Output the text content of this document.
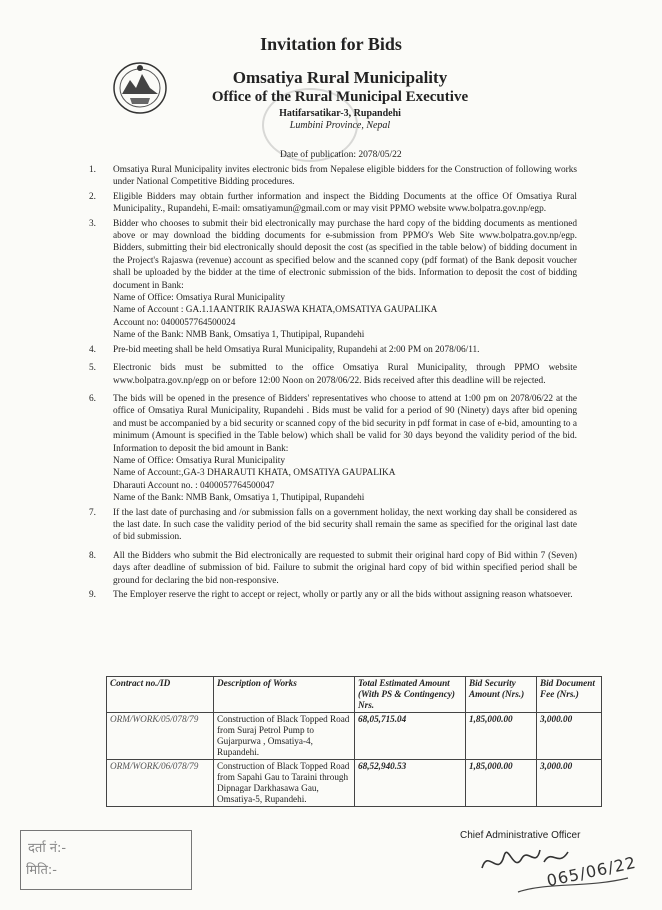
Invitation for Bids
Omsatiya Rural Municipality
Office of the Rural Municipal Executive
Hatifarsatikar-3, Rupandehi
Lumbini Province, Nepal
Date of publication: 2078/05/22
1. Omsatiya Rural Municipality invites electronic bids from Nepalese eligible bidders for the Construction of following works under National Competitive Bidding procedures.
2. Eligible Bidders may obtain further information and inspect the Bidding Documents at the office Of Omsatiya Rural Municipality., Rupandehi, E-mail: omsatiyamun@gmail.com or may visit PPMO website www.bolpatra.gov.np/egp.
3. Bidder who chooses to submit their bid electronically may purchase the hard copy of the bidding documents as mentioned above or may download the bidding documents for e-submission from PPMO's Web Site www.bolpatra.gov.np/egp. Bidders, submitting their bid electronically should deposit the cost (as specified in the table below) of bidding document in the Project's Rajaswa (revenue) account as specified below and the scanned copy (pdf format) of the Bank deposit voucher shall be uploaded by the bidder at the time of electronic submission of the bids. Information to deposit the cost of bidding document in Bank:

Name of Office: Omsatiya Rural Municipality

Name of Account : GA.1.1AANTRIK RAJASWA KHATA,OMSATIYA GAUPALIKA

Account no: 0400057764500024

Name of the Bank: NMB Bank, Omsatiya 1, Thutipipal, Rupandehi

4. Pre-bid meeting shall be held Omsatiya Rural Municipality, Rupandehi at 2:00 PM on 2078/06/11.
5. Electronic bids must be submitted to the office Omsatiya Rural Municipality, through PPMO website www.bolpatra.gov.np/egp on or before 12:00 Noon on 2078/06/22. Bids received after this deadline will be rejected.
6. The bids will be opened in the presence of Bidders' representatives who choose to attend at 1:00 pm on 2078/06/22 at the office of Omsatiya Rural Municipality, Rupandehi . Bids must be valid for a period of 90 (Ninety) days after bid opening and must be accompanied by a bid security or scanned copy of the bid security in pdf format in case of e-bid, amounting to a minimum (Amount is specified in the Table below) which shall be valid for 30 days beyond the validity period of the bid. Information to deposit the bid amount in Bank:

Name of Office: Omsatiya Rural Municipality

Name of Account:,GA-3 DHARAUTI KHATA, OMSATIYA GAUPALIKA

Dharauti Account no. : 0400057764500047

Name of the Bank: NMB Bank, Omsatiya 1, Thutipipal, Rupandehi

7. If the last date of purchasing and /or submission falls on a government holiday, the next working day shall be considered as the last date. In such case the validity period of the bid security shall remain the same as specified for the original last date of bid submission.
8. All the Bidders who submit the Bid electronically are requested to submit their original hard copy of Bid within 7 (Seven) days after deadline of submission of bid. Failure to submit the original hard copy of bid within specified period shall be ground for declaring the bid non-responsive.
9. The Employer reserve the right to accept or reject, wholly or partly any or all the bids without assigning reason whatsoever.
Contract no./ID	Description of Works	Total Estimated Amount (With PS & Contingency) Nrs.	Bid Security Amount (Nrs.)	Bid Document Fee (Nrs.)
ORM/WORK/05/078/79	Construction of Black Topped Road from Suraj Petrol Pump to Gujarpurwa , Omsatiya-4, Rupandehi.	68,05,715.04	1,85,000.00	3,000.00
ORM/WORK/06/078/79	Construction of Black Topped Road from Sapahi Gau to Taraini through Dipnagar Darkhasawa Gau, Omsatiya-5, Rupandehi.	68,52,940.53	1,85,000.00	3,000.00
दर्ता नं:-
मिति:-
Chief Administrative Officer
065/06/22
